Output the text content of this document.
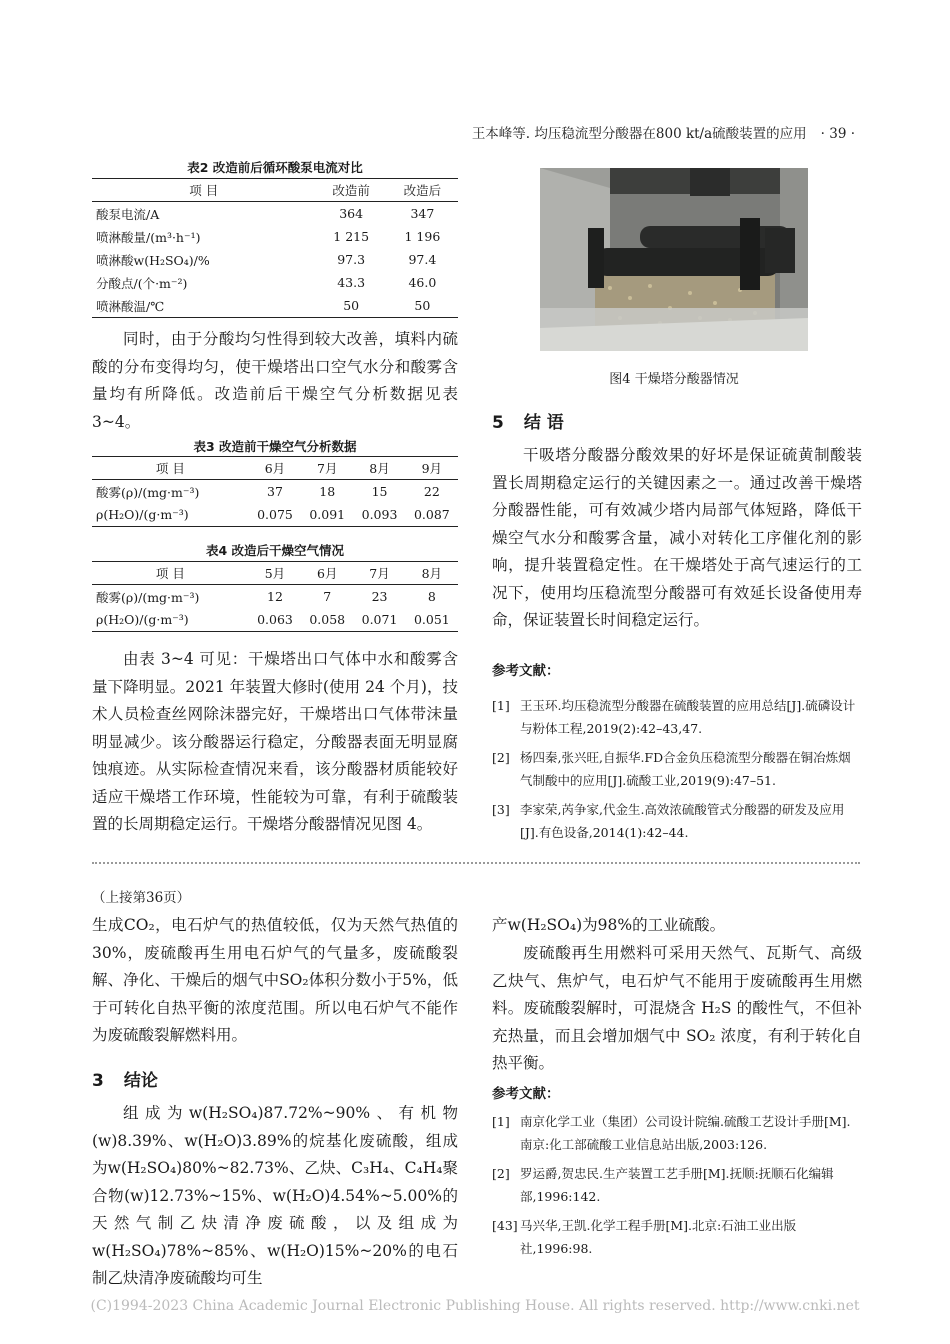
王本峰等. 均压稳流型分酸器在800 kt/a硫酸装置的应用 · 39 ·
表2 改造前后循环酸泵电流对比
项 目	改造前	改造后
酸泵电流/A	364	347
喷淋酸量/(m³·h⁻¹)	1 215	1 196
喷淋酸w(H₂SO₄)/%	97.3	97.4
分酸点/(个·m⁻²)	43.3	46.0
喷淋酸温/℃	50	50

同时，由于分酸均匀性得到较大改善，填料内硫酸的分布变得均匀，使干燥塔出口空气水分和酸雾含量均有所降低。改造前后干燥空气分析数据见表 3~4。

表3 改造前干燥空气分析数据
项 目	6月	7月	8月	9月
酸雾(ρ)/(mg·m⁻³)	37	18	15	22
ρ(H₂O)/(g·m⁻³)	0.075	0.091	0.093	0.087
表4 改造后干燥空气情况
项 目	5月	6月	7月	8月
酸雾(ρ)/(mg·m⁻³)	12	7	23	8
ρ(H₂O)/(g·m⁻³)	0.063	0.058	0.071	0.051

由表 3~4 可见：干燥塔出口气体中水和酸雾含量下降明显。2021 年装置大修时(使用 24 个月)，技术人员检查丝网除沫器完好，干燥塔出口气体带沫量明显减少。该分酸器运行稳定，分酸器表面无明显腐蚀痕迹。从实际检查情况来看，该分酸器材质能较好适应干燥塔工作环境，性能较为可靠，有利于硫酸装置的长周期稳定运行。干燥塔分酸器情况见图 4。

图4 干燥塔分酸器情况
5 结 语

干吸塔分酸器分酸效果的好坏是保证硫黄制酸装置长周期稳定运行的关键因素之一。通过改善干燥塔分酸器性能，可有效减少塔内局部气体短路，降低干燥空气水分和酸雾含量，减小对转化工序催化剂的影响，提升装置稳定性。在干燥塔处于高气速运行的工况下，使用均压稳流型分酸器可有效延长设备使用寿命，保证装置长时间稳定运行。

参考文献：
[1] 王玉环.均压稳流型分酸器在硫酸装置的应用总结[J].硫磷设计与粉体工程,2019(2):42–43,47.
[2] 杨四秦,张兴旺,自振华.FD合金负压稳流型分酸器在铜冶炼烟气制酸中的应用[J].硫酸工业,2019(9):47–51.
[3] 李家荣,芮争家,代金生.高效浓硫酸管式分酸器的研发及应用[J].有色设备,2014(1):42–44.
（上接第36页）

生成CO₂，电石炉气的热值较低，仅为天然气热值的30%，废硫酸再生用电石炉气的气量多，废硫酸裂解、净化、干燥后的烟气中SO₂体积分数小于5%，低于可转化自热平衡的浓度范围。所以电石炉气不能作为废硫酸裂解燃料用。

3 结论

组成为w(H₂SO₄)87.72%~90%、有机物(w)8.39%、w(H₂O)3.89%的烷基化废硫酸，组成为w(H₂SO₄)80%~82.73%、乙炔、C₃H₄、C₄H₄聚合物(w)12.73%~15%、w(H₂O)4.54%~5.00%的天然气制乙炔清净废硫酸，以及组成为w(H₂SO₄)78%~85%、w(H₂O)15%~20%的电石制乙炔清净废硫酸均可生

产w(H₂SO₄)为98%的工业硫酸。

废硫酸再生用燃料可采用天然气、瓦斯气、高级乙炔气、焦炉气，电石炉气不能用于废硫酸再生用燃料。废硫酸裂解时，可混烧含 H₂S 的酸性气，不但补充热量，而且会增加烟气中 SO₂ 浓度，有利于转化自热平衡。

参考文献：
[1] 南京化学工业（集团）公司设计院编.硫酸工艺设计手册[M].南京:化工部硫酸工业信息站出版,2003:126.
[2] 罗运爵,贺忠民.生产装置工艺手册[M].抚顺:抚顺石化编辑部,1996:142.
[43] 马兴华,王凯.化学工程手册[M].北京:石油工业出版社,1996:98.
(C)1994-2023 China Academic Journal Electronic Publishing House. All rights reserved. http://www.cnki.net
